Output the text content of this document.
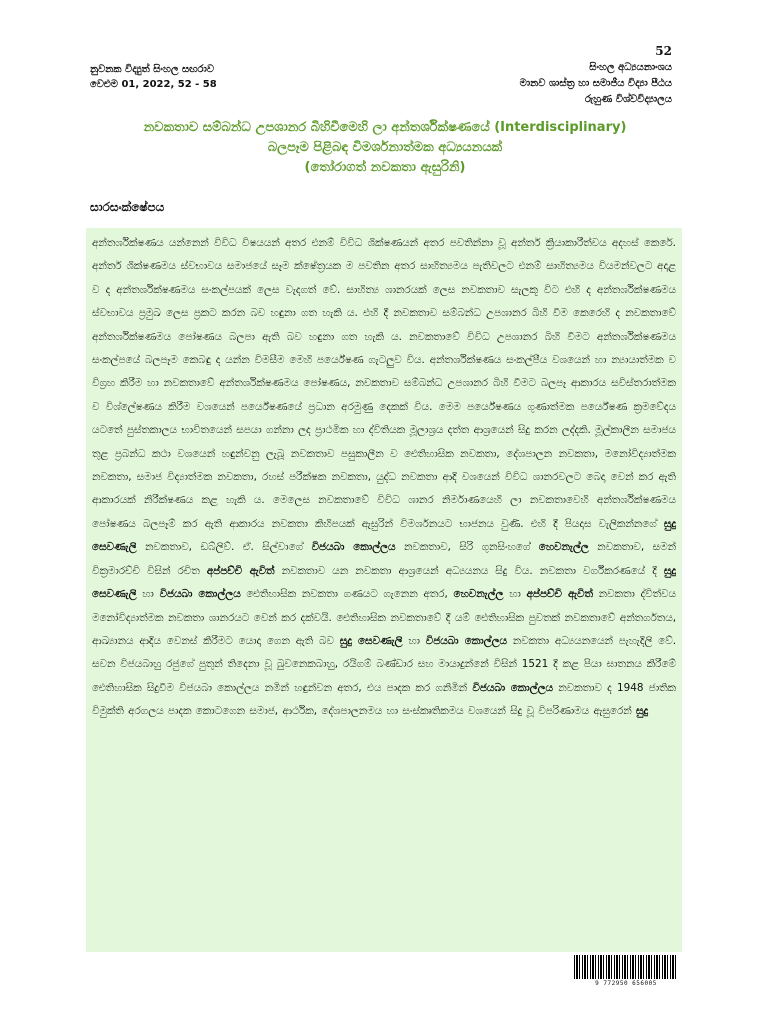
52
නුවනක විද්‍යුත් සිංහල සඟරාව
වෙළුම 01, 2022, 52 - 58
සිංහල අධ්‍යයනාංශය
මානව ශාස්ත්‍ර හා සමාජීය විද්‍යා පීඨය
රුහුණ විශ්වවිද්‍යාලය
නවකතාව සම්බන්ධ උපශානර බිහිවීමෙහි ලා අන්තර්ශික්ෂණයේ (Interdisciplinary)
බලපෑම පිළිබඳ විමර්ශනාත්මක අධ්‍යයනයක්
(තෝරාගත් නවකතා ඇසුරිනි)
සාරසංක්ෂේපය

අන්තර්ශික්ෂණය යන්නෙන් විවිධ විෂයයන් අතර එනම් විවිධ ශික්ෂණයන් අතර පවතින්නා වූ අන්තර් ක්‍රියාකාරීත්වය අදහස් කෙරේ. අන්තර් ශික්ෂණමය ස්වභාවය සමාජයේ සෑම ක්ෂේත්‍රයක ම පවතින අතර සාහිත්‍යමය පැතිවලට එනම් සාහිත්‍යමය වියමන්වලට අදාළ ව ද අන්තර්ශික්ෂණමය සංකල්පයක් ලෙස වැදගත් වේ. සාහිත්‍ය ශානරයක් ලෙස නවකතාව සැලකූ විට එහි ද අන්තර්ශික්ෂණමය ස්වභාවය ප්‍රමුඛ ලෙස ප්‍රකට කරන බව හඳුනා ගත හැකි ය. එහි දී නවකතාව සම්බන්ධ උපශානර බිහි වීම කෙරෙහි ද නවකතාවේ අන්තර්ශික්ෂණමය පෝෂණය බලපා ඇති බව හඳුනා ගත හැකි ය. නවකතාවේ විවිධ උපශානර බිහි වීමට අන්තර්ශික්ෂණමය සංකල්පයේ බලපෑම කෙබඳු ද යන්න විමසීම මෙහි පර්යේෂණ ගැටලුව විය. අන්තර්ශික්ෂණය සංකල්පීය වශයෙන් හා න්‍යායාත්මක ව විග්‍රහ කිරීම හා නවකතාවේ අන්තර්ශික්ෂණමය පෝෂණය, නවකතාව සම්බන්ධ උපශානර බිහි වීමට බලපෑ ආකාරය සවිස්තරාත්මක ව විශ්ලේෂණය කිරීම වශයෙන් පර්යේෂණයේ ප්‍රධාන අරමුණු දෙකක් විය. මෙම පර්යේෂණය ගුණාත්මක පර්යේෂණ ක්‍රමවේදය යටතේ පුස්තකාලය භාවිතයෙන් සපයා ගන්නා ලද ප්‍රාථමික හා ද්විතියක මූලාශ්‍රය දත්ත ආශ්‍රයෙන් සිදු කරන ලද්දකි. මූල්කාලීන සමාජය තුළ ප්‍රබන්ධ කථා වශයෙන් හඳුන්වනු ලැබූ නවකතාව පසුකාලීන ව ඓතිහාසික නවකතා, දේශපාලන නවකතා, මනෝවිද්‍යාත්මක නවකතා, සමාජ විද්‍යාත්මක නවකතා, රහස් පරීක්ෂක නවකතා, යුද්ධ නවකතා ආදි වශයෙන් විවිධ ශානරවලට බෙදා වෙන් කර ඇති ආකාරයක් නිරීක්ෂණය කළ හැකි ය. මෙලෙස නවකතාවේ විවිධ ශානර නිර්මාණයෙහි ලා නවකතාවෙහි අන්තර්ශික්ෂණමය පෝෂණය බලපෑම් කර ඇති ආකාරය නවකතා කිහිපයක් ඇසුරින් විමර්ශනයට භාජනය වුණි. එහි දී පියදාස වැලිකන්නගේ සුදු සෙවණැලි නවකතාව, ඩබ්ලිව්. ඒ. සිල්වාගේ විජයබා කොල්ලය නවකතාව, සිරි ගුනසිංහගේ හෙවනැල්ල නවකතාව, සමන් වික්‍රමාරච්චි විසින් රචිත අප්පච්චි ඇවිත් නවකතාව යන නවකතා ආශ්‍රයෙන් අධ්‍යයනය සිදු විය. නවකතා වර්ගීකරණයේ දී සුදු සෙවණැලි හා විජයබා කොල්ලය ඓතිහාසික නවකතා ගණයට ගැනෙන අතර, හෙවනැල්ල හා අප්පච්චි ඇවිත් නවකතා ද්විත්වය මනෝවිද්‍යාත්මක නවකතා ශානරයට වෙන් කර දක්වයි. ඓතිහාසික නවකතාවේ දී යම් ඓතිහාසික පුවතක් නවකතාවේ අන්තර්ගතය, ආඛ්‍යානය ආදිය වෙනස් කිරීමට යොදා ගෙන ඇති බව සුදු සෙවණැලි හා විජයබා කොල්ලය නවකතා අධ්‍යයනයෙන් පැහැදිලි වේ. සවන විජයබාහු රජුගේ පුතුන් තිදෙනා වූ බුවනෙකබාහු, රයිගම් බණ්ඩාර සහ මායාදුන්නේ විසින් 1521 දී කළ පියා ඝාතනය කිරීමේ ඓතිහාසික සිදුවීම විජයබා කොල්ලය නමින් හඳුන්වන අතර, එය පාදක කර ගනිමින් විජයබා කොල්ලය නවකතාව ද 1948 ජාතික විමුක්ති අරගලය පාදක කොටගෙන සමාජ, ආර්ථික, දේශපාලනමය හා සංස්කෘතිකමය වශයෙන් සිදු වූ විපරිණාමය ඇසුරෙන් සුදු

9 772950 656005
